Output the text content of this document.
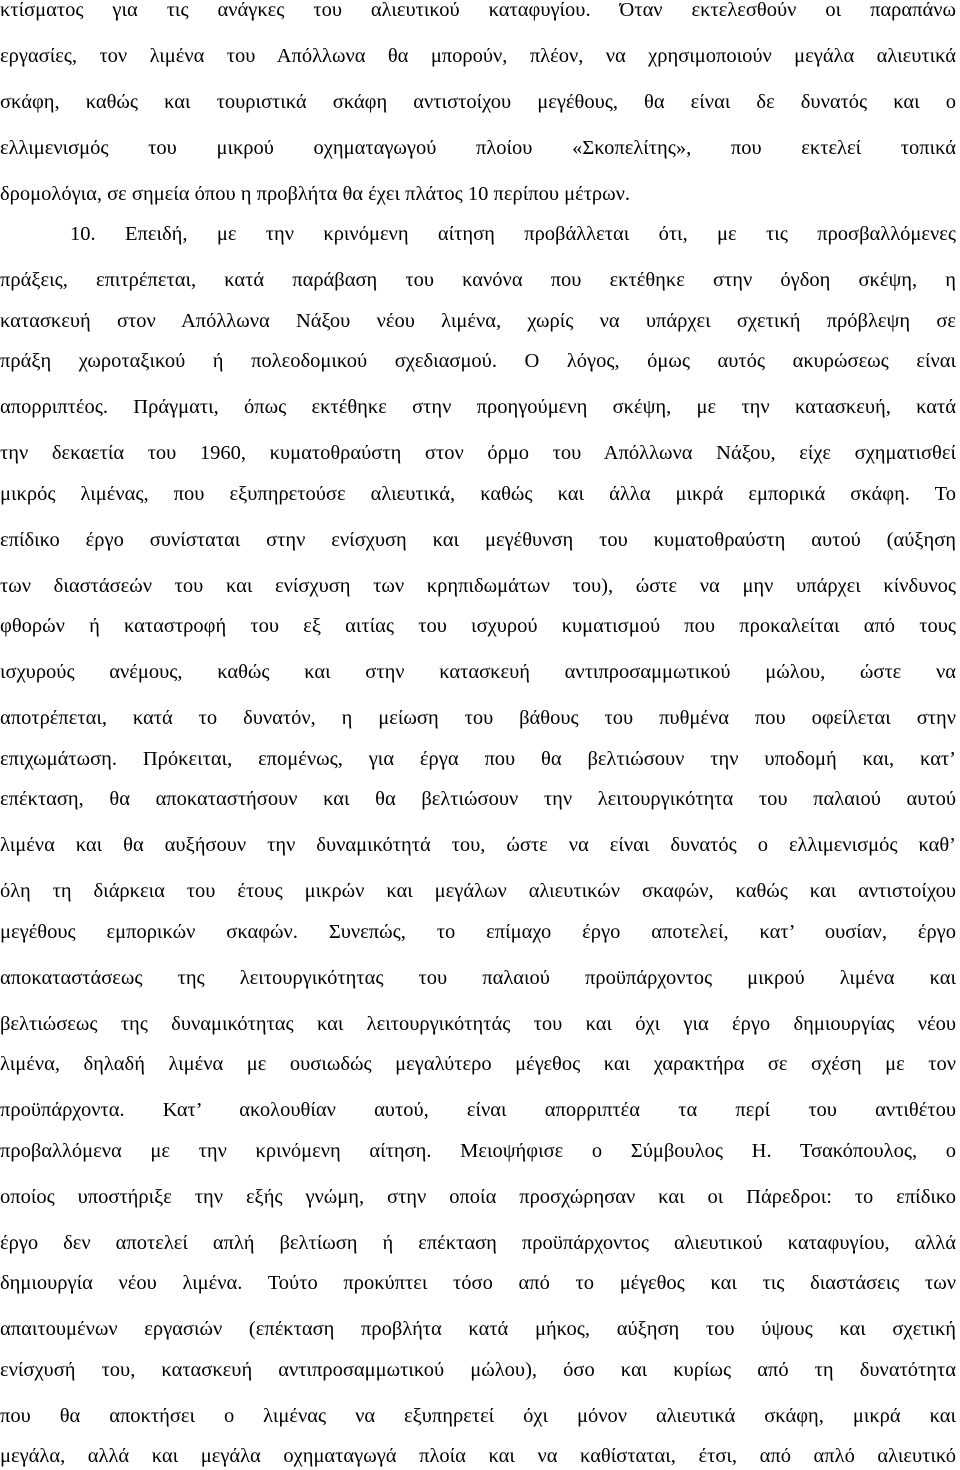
κτίσματος για τις ανάγκες του αλιευτικού καταφυγίου. Όταν εκτελεσθούν οι παραπάνω
εργασίες, τον λιμένα του Απόλλωνα θα μπορούν, πλέον, να χρησιμοποιούν μεγάλα αλιευτικά
σκάφη, καθώς και τουριστικά σκάφη αντιστοίχου μεγέθους, θα είναι δε δυνατός και ο
ελλιμενισμός του μικρού οχηματαγωγού πλοίου «Σκοπελίτης», που εκτελεί τοπικά
δρομολόγια, σε σημεία όπου η προβλήτα θα έχει πλάτος 10 περίπου μέτρων.
10. Επειδή, με την κρινόμενη αίτηση προβάλλεται ότι, με τις προσβαλλόμενες
πράξεις, επιτρέπεται, κατά παράβαση του κανόνα που εκτέθηκε στην όγδοη σκέψη, η
κατασκευή στον Απόλλωνα Νάξου νέου λιμένα, χωρίς να υπάρχει σχετική πρόβλεψη σε
πράξη χωροταξικού ή πολεοδομικού σχεδιασμού. Ο λόγος, όμως αυτός ακυρώσεως είναι
απορριπτέος. Πράγματι, όπως εκτέθηκε στην προηγούμενη σκέψη, με την κατασκευή, κατά
την δεκαετία του 1960, κυματοθραύστη στον όρμο του Απόλλωνα Νάξου, είχε σχηματισθεί
μικρός λιμένας, που εξυπηρετούσε αλιευτικά, καθώς και άλλα μικρά εμπορικά σκάφη. Το
επίδικο έργο συνίσταται στην ενίσχυση και μεγέθυνση του κυματοθραύστη αυτού (αύξηση
των διαστάσεών του και ενίσχυση των κρηπιδωμάτων του), ώστε να μην υπάρχει κίνδυνος
φθορών ή καταστροφή του εξ αιτίας του ισχυρού κυματισμού που προκαλείται από τους
ισχυρούς ανέμους, καθώς και στην κατασκευή αντιπροσαμμωτικού μώλου, ώστε να
αποτρέπεται, κατά το δυνατόν, η μείωση του βάθους του πυθμένα που οφείλεται στην
επιχωμάτωση. Πρόκειται, επομένως, για έργα που θα βελτιώσουν την υποδομή και, κατ’
επέκταση, θα αποκαταστήσουν και θα βελτιώσουν την λειτουργικότητα του παλαιού αυτού
λιμένα και θα αυξήσουν την δυναμικότητά του, ώστε να είναι δυνατός ο ελλιμενισμός καθ’
όλη τη διάρκεια του έτους μικρών και μεγάλων αλιευτικών σκαφών, καθώς και αντιστοίχου
μεγέθους εμπορικών σκαφών. Συνεπώς, το επίμαχο έργο αποτελεί, κατ’ ουσίαν, έργο
αποκαταστάσεως της λειτουργικότητας του παλαιού προϋπάρχοντος μικρού λιμένα και
βελτιώσεως της δυναμικότητας και λειτουργικότητάς του και όχι για έργο δημιουργίας νέου
λιμένα, δηλαδή λιμένα με ουσιωδώς μεγαλύτερο μέγεθος και χαρακτήρα σε σχέση με τον
προϋπάρχοντα. Κατ’ ακολουθίαν αυτού, είναι απορριπτέα τα περί του αντιθέτου
προβαλλόμενα με την κρινόμενη αίτηση. Μειοψήφισε ο Σύμβουλος Η. Τσακόπουλος, ο
οποίος υποστήριξε την εξής γνώμη, στην οποία προσχώρησαν και οι Πάρεδροι: το επίδικο
έργο δεν αποτελεί απλή βελτίωση ή επέκταση προϋπάρχοντος αλιευτικού καταφυγίου, αλλά
δημιουργία νέου λιμένα. Τούτο προκύπτει τόσο από το μέγεθος και τις διαστάσεις των
απαιτουμένων εργασιών (επέκταση προβλήτα κατά μήκος, αύξηση του ύψους και σχετική
ενίσχυσή του, κατασκευή αντιπροσαμμωτικού μώλου), όσο και κυρίως από τη δυνατότητα
που θα αποκτήσει ο λιμένας να εξυπηρετεί όχι μόνον αλιευτικά σκάφη, μικρά και
μεγάλα, αλλά και μεγάλα οχηματαγωγά πλοία και να καθίσταται, έτσι, από απλό αλιευτικό
